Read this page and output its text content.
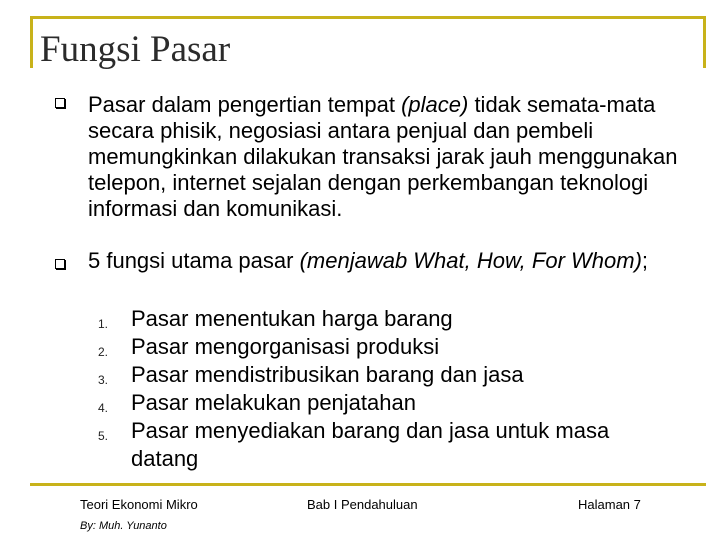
Fungsi Pasar
Pasar dalam pengertian tempat (place) tidak semata-mata secara phisik, negosiasi antara penjual dan pembeli memungkinkan dilakukan transaksi jarak jauh menggunakan telepon, internet sejalan dengan perkembangan teknologi informasi dan komunikasi.
5 fungsi utama pasar (menjawab What, How, For Whom);
1. Pasar menentukan harga barang
2. Pasar mengorganisasi produksi
3. Pasar mendistribusikan barang dan jasa
4. Pasar melakukan penjatahan
5. Pasar menyediakan barang dan jasa untuk masa datang
Teori Ekonomi Mikro	Bab I Pendahuluan	Halaman 7
By: Muh. Yunanto
